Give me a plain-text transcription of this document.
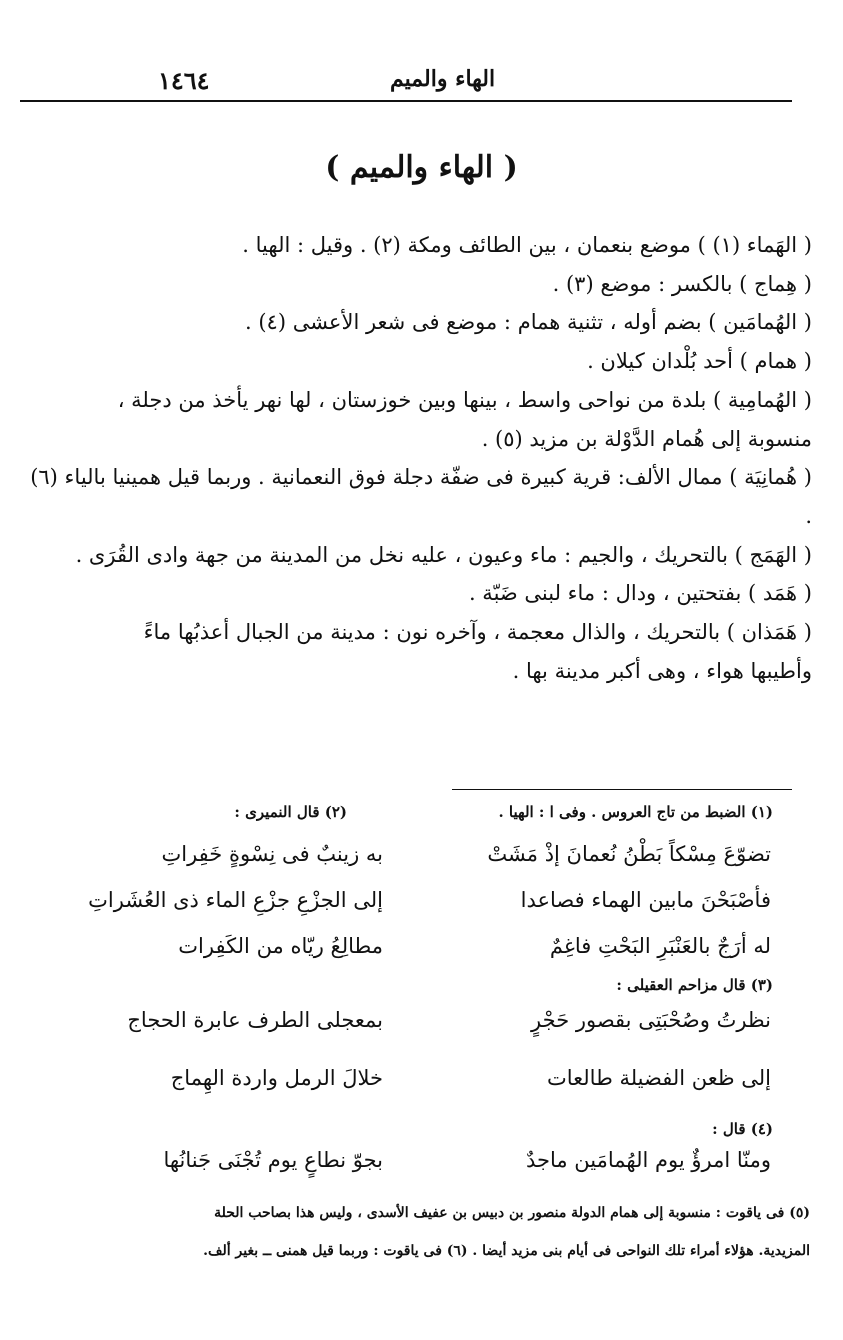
١٤٦٤	الهاء والميم
( الهاء والميم )

( الهَماء (١) ) موضع بنعمان ، بين الطائف ومكة (٢) . وقيل : الهيا .

( هِماج ) بالكسر : موضع (٣) .

( الهُمامَين ) بضم أوله ، تثنية همام : موضع فى شعر الأعشى (٤) .

( همام ) أحد بُلْدان كيلان .

( الهُمامِية ) بلدة من نواحى واسط ، بينها وبين خوزستان ، لها نهر يأخذ من دجلة ،

منسوبة إلى هُمام الدَّوْلة بن مزيد (٥) .

( هُمانِيَة ) ممال الألف: قرية كبيرة فى ضفّة دجلة فوق النعمانية . وربما قيل همينيا بالياء (٦) .

( الهَمَج ) بالتحريك ، والجيم : ماء وعيون ، عليه نخل من المدينة من جهة وادى القُرَى .

( هَمَد ) بفتحتين ، ودال : ماء لبنى ضَبّة .

( هَمَذان ) بالتحريك ، والذال معجمة ، وآخره نون : مدينة من الجبال أعذبُها ماءً

وأطيبها هواء ، وهى أكبر مدينة بها .

(١) الضبط من تاج العروس . وفى ا : الهيا .
(٢) قال النميرى :
تضوّعَ مِسْكاً بَطْنُ نُعمانَ إذْ مَشَتْ
به زينبٌ فى نِسْوةٍ خَفِراتِ
فأصْبَحْنَ مابين الهماء فصاعدا
إلى الجزْعِ جزْعِ الماء ذى العُشَراتِ
له أرَجٌ بالعَنْبَرِ البَحْتِ فاغِمٌ
مطالِعُ ريّاه من الكَفِرات
(٣) قال مزاحم العقيلى :
نظرتُ وصُحْبَتِى بقصور حَجْرٍ
بمعجلى الطرف عابرة الحجاج
إلى ظعن الفضيلة طالعات
خلالَ الرمل واردة الهِماج
(٤) قال :
ومنّا امرؤٌ يوم الهُمامَين ماجدٌ
بجوّ نطاعٍ يوم تُجْنَى جَنانُها

(٥) فى ياقوت : منسوبة إلى همام الدولة منصور بن دبيس بن عفيف الأسدى ، وليس هذا بصاحب الحلة

المزيدية. هؤلاء أمراء تلك النواحى فى أيام بنى مزيد أيضا . (٦) فى ياقوت : وربما قيل همنى ــ بغير ألف.
